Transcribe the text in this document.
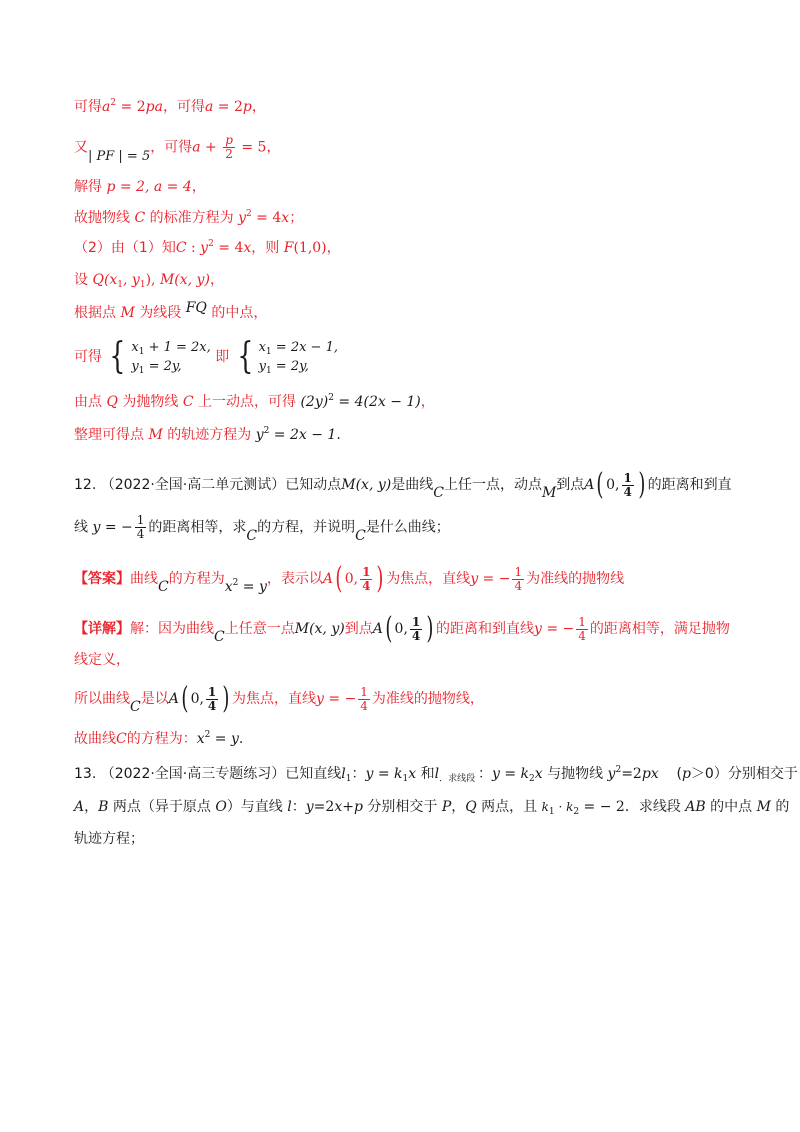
可得$a^2 = 2pa$，可得a = 2p，
又| PF | = 5，可得$a + \frac{p}{2} = 5$，
解得 p = 2, a = 4，
故抛物线 C 的标准方程为 $y^2 = 4x$；
（2）由（1）知C : $y^2 = 4x$，则 F(1,0)，
设 $Q(x_1$, $y_1$), M(x, y)，
根据点 M 为线段 FQ 的中点，
可得 { $x_1 + 1 = 2x$,
$y_1 = 2y$,
即 { $x_1 = 2x - 1$,
$y_1 = 2y$,
由点 Q 为抛物线 C 上一动点，可得 $(2y)^2 = 4(2x - 1)$，
整理可得点 M 的轨迹方程为 $y^2 = 2x - 1$.
12. （2022·全国·高二单元测试）已知动点M(x, y)是曲线C上任一点，动点M到点A ( 0, $\frac{1}{4}$ ) 的距离和到直
线 y = − $\frac{1}{4}$ 的距离相等，求C的方程，并说明C是什么曲线；
【答案】曲线C的方程为$x^2 = y$，表示以A ( 0, $\frac{1}{4}$ ) 为焦点，直线y = − $\frac{1}{4}$ 为准线的抛物线
【详解】解：因为曲线C上任意一点M(x, y)到点A ( 0, $\frac{1}{4}$ ) 的距离和到直线y = − $\frac{1}{4}$ 的距离相等，满足抛物
线定义，
所以曲线C是以A ( 0, $\frac{1}{4}$ ) 为焦点，直线y = − $\frac{1}{4}$ 为准线的抛物线，
故曲线C的方程为：$x^2 = y$.
13. （2022·全国·高三专题练习）已知直线$l_1$：$y = k_1x$ 和$l_{.求线段}$ ：$y = k_2x$ 与抛物线 $y^2=2px$    (p＞0）分别相交于
A，B 两点（异于原点 O）与直线 l：y=2x+p 分别相交于 P，Q 两点，且 $k_1 \cdot k_2$ = − 2．求线段 AB 的中点 M 的
轨迹方程；
